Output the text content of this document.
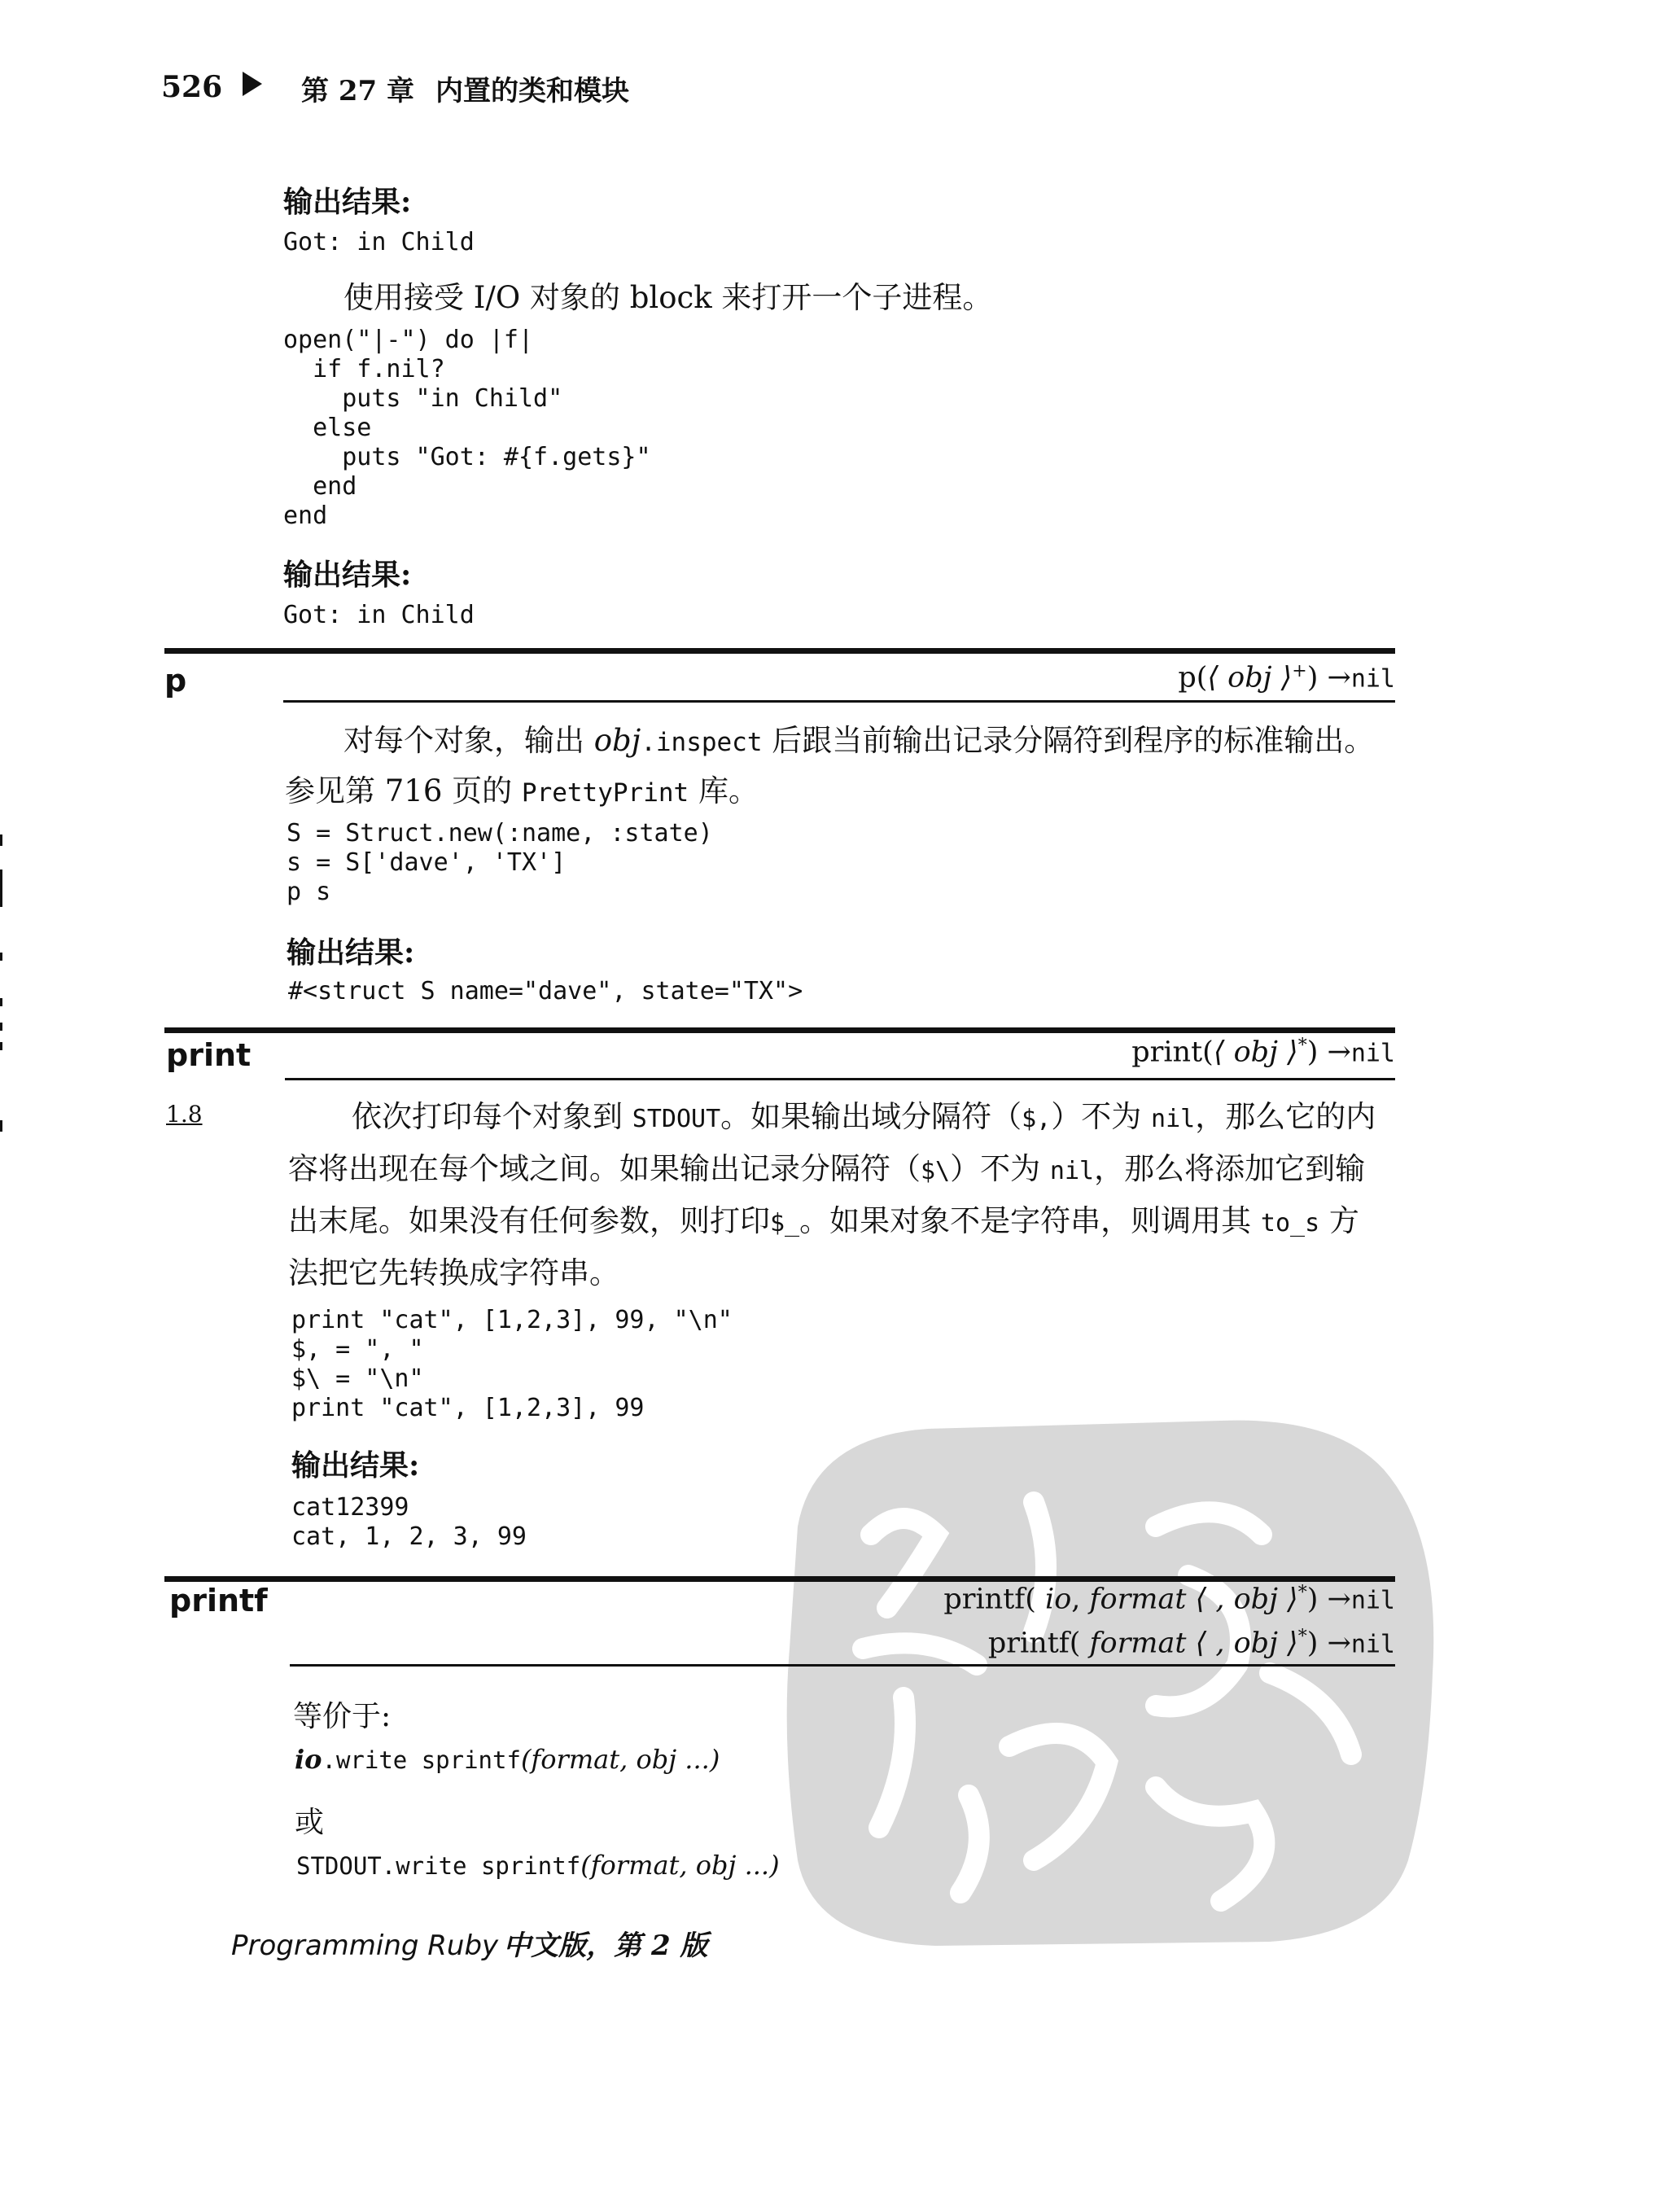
526	第 27 章 内置的类和模块
输出结果:
Got: in Child
使用接受 I/O 对象的 block 来打开一个子进程。
open("|-") do |f|
if f.nil?
puts "in Child"
else
puts "Got: #{f.gets}"
end
end
输出结果:
Got: in Child
p	p(⟨ obj ⟩+) →nil
对每个对象，输出 obj.inspect 后跟当前输出记录分隔符到程序的标准输出。
参见第 716 页的 PrettyPrint 库。
S = Struct.new(:name, :state)
s = S['dave', 'TX']
p s
输出结果:
#<struct S name="dave", state="TX">
print	print(⟨ obj ⟩*) →nil
1.8	依次打印每个对象到 STDOUT。如果输出域分隔符（$,）不为 nil，那么它的内
容将出现在每个域之间。如果输出记录分隔符（$\）不为 nil，那么将添加它到输
出末尾。如果没有任何参数，则打印$_。如果对象不是字符串，则调用其 to_s 方
法把它先转换成字符串。
print "cat", [1,2,3], 99, "\n"
$, = ", "
$\ = "\n"
print "cat", [1,2,3], 99
输出结果:
cat12399
cat, 1, 2, 3, 99
printf	printf( io, format ⟨ , obj ⟩*) →nil
printf( format ⟨ , obj ⟩*) →nil
等价于:
io.write sprintf(format, obj ...)
或
STDOUT.write sprintf(format, obj ...)
Programming Ruby 中文版，第 2 版
